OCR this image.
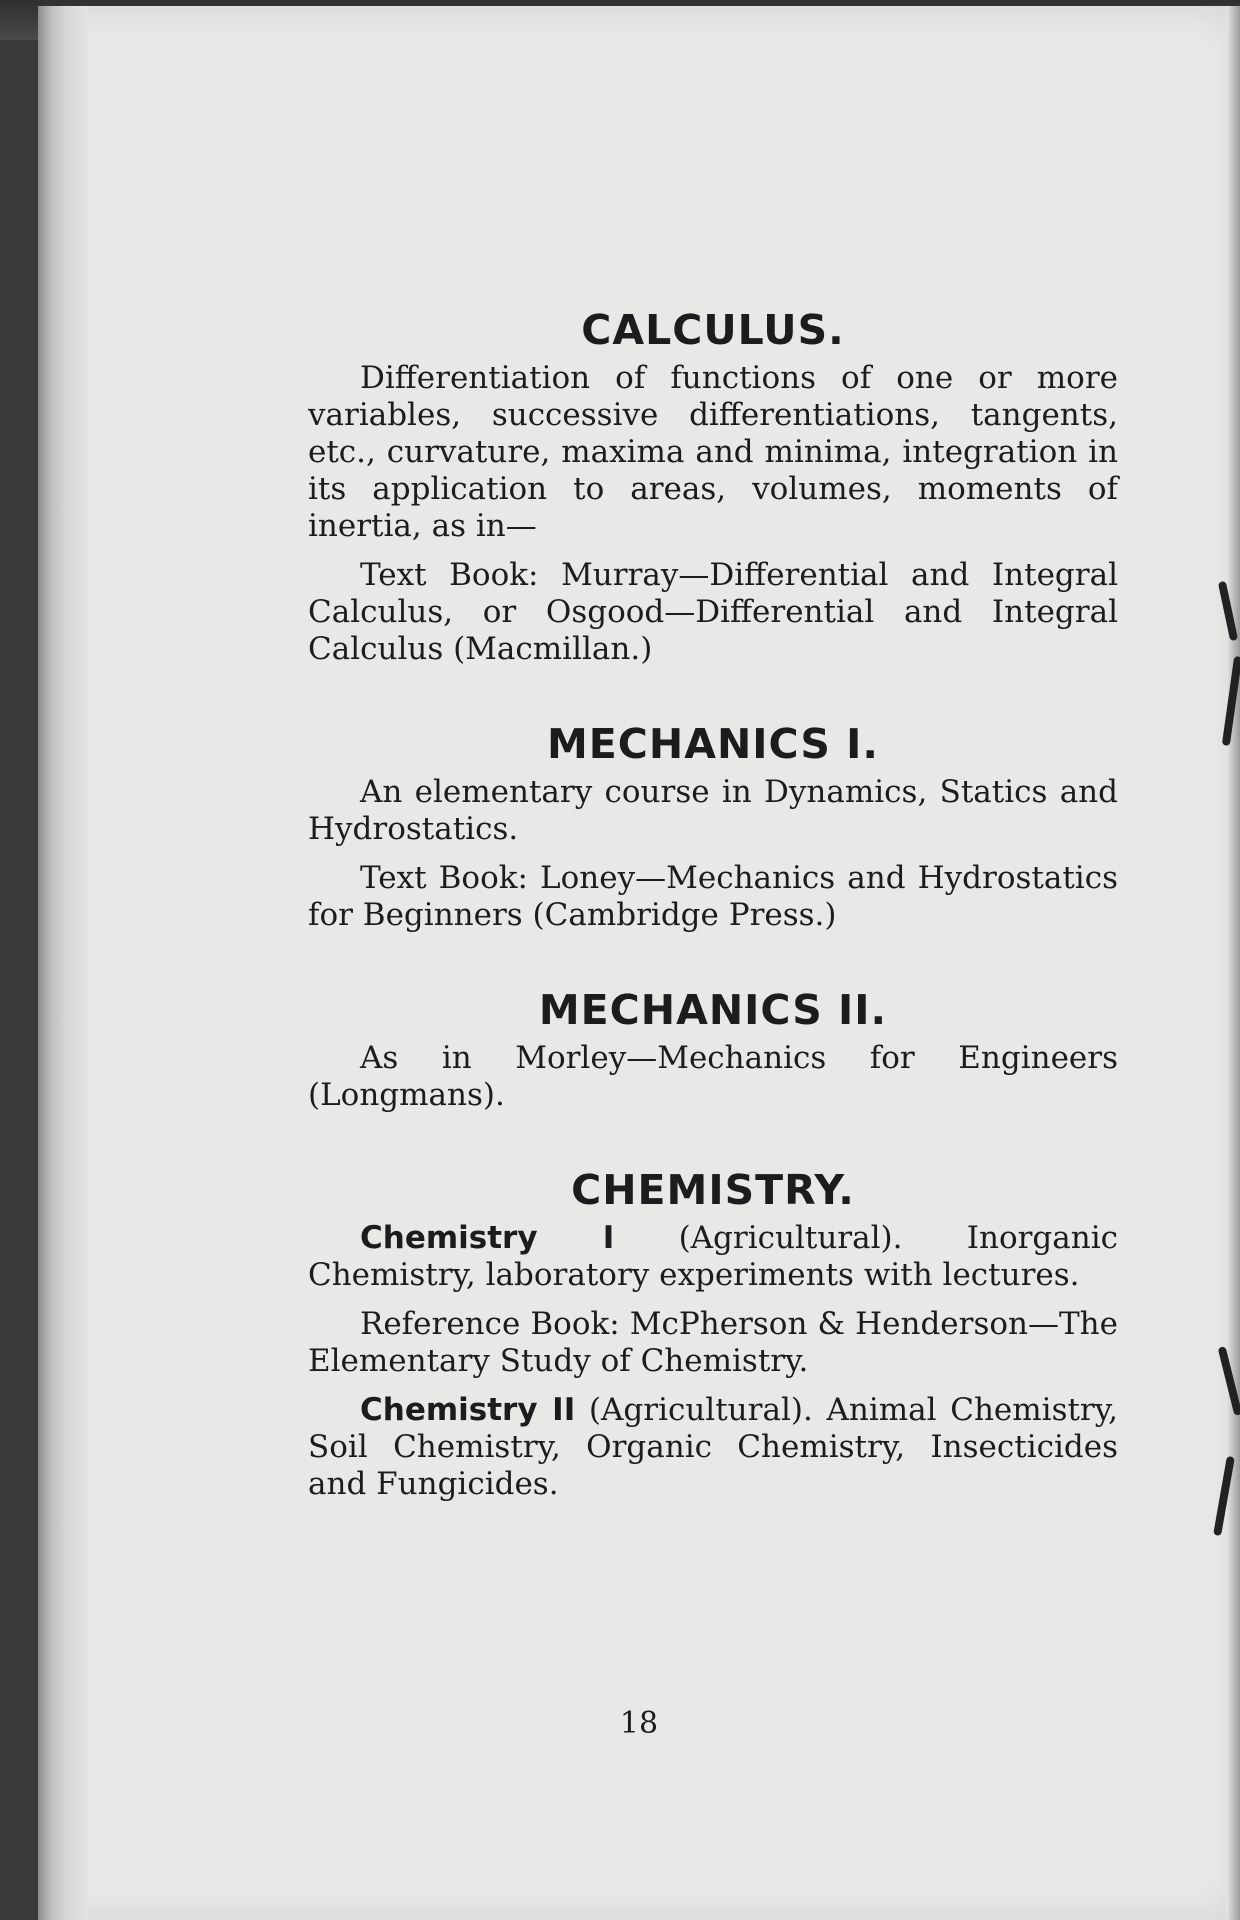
CALCULUS.

Differentiation of functions of one or more variables, successive differentiations, tangents, etc., curvature, maxima and minima, integration in its application to areas, volumes, moments of inertia, as in—

Text Book: Murray—Differential and Integral Calculus, or Osgood—Differential and Integral Calculus (Macmillan.)

MECHANICS I.

An elementary course in Dynamics, Statics and Hydrostatics.

Text Book: Loney—Mechanics and Hydrostatics for Beginners (Cambridge Press.)

MECHANICS II.

As in Morley—Mechanics for Engineers (Longmans).

CHEMISTRY.

Chemistry I (Agricultural). Inorganic Chemistry, laboratory experiments with lectures.

Reference Book: McPherson & Henderson—The Elementary Study of Chemistry.

Chemistry II (Agricultural). Animal Chemistry, Soil Chemistry, Organic Chemistry, Insecticides and Fungicides.

18
